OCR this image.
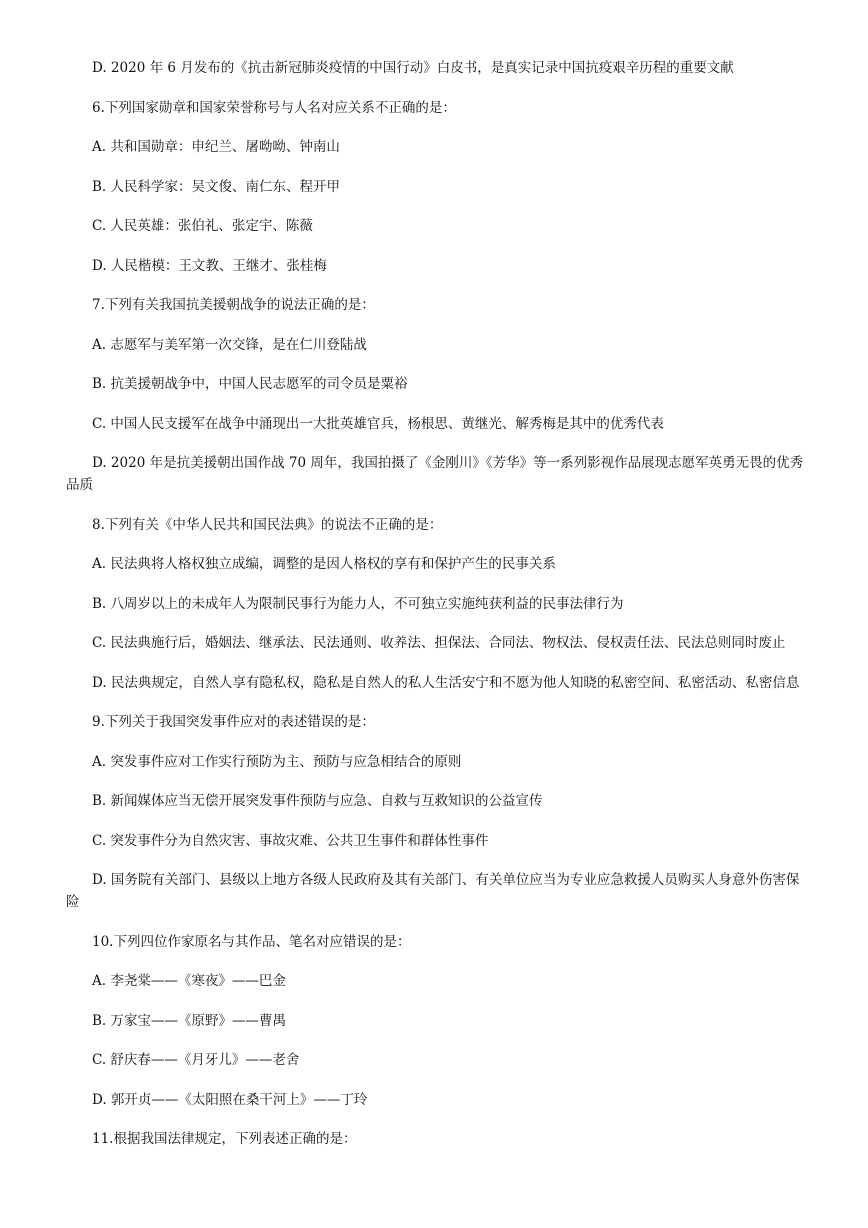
D. 2020 年 6 月发布的《抗击新冠肺炎疫情的中国行动》白皮书，是真实记录中国抗疫艰辛历程的重要文献

6.下列国家勋章和国家荣誉称号与人名对应关系不正确的是：

A. 共和国勋章：申纪兰、屠呦呦、钟南山

B. 人民科学家：吴文俊、南仁东、程开甲

C. 人民英雄：张伯礼、张定宇、陈薇

D. 人民楷模：王文教、王继才、张桂梅

7.下列有关我国抗美援朝战争的说法正确的是：

A. 志愿军与美军第一次交锋，是在仁川登陆战

B. 抗美援朝战争中，中国人民志愿军的司令员是粟裕

C. 中国人民支援军在战争中涌现出一大批英雄官兵，杨根思、黄继光、解秀梅是其中的优秀代表

D. 2020 年是抗美援朝出国作战 70 周年，我国拍摄了《金刚川》《芳华》等一系列影视作品展现志愿军英勇无畏的优秀品质

8.下列有关《中华人民共和国民法典》的说法不正确的是：

A. 民法典将人格权独立成编，调整的是因人格权的享有和保护产生的民事关系

B. 八周岁以上的未成年人为限制民事行为能力人，不可独立实施纯获利益的民事法律行为

C. 民法典施行后，婚姻法、继承法、民法通则、收养法、担保法、合同法、物权法、侵权责任法、民法总则同时废止

D. 民法典规定，自然人享有隐私权，隐私是自然人的私人生活安宁和不愿为他人知晓的私密空间、私密活动、私密信息

9.下列关于我国突发事件应对的表述错误的是：

A. 突发事件应对工作实行预防为主、预防与应急相结合的原则

B. 新闻媒体应当无偿开展突发事件预防与应急、自救与互救知识的公益宣传

C. 突发事件分为自然灾害、事故灾难、公共卫生事件和群体性事件

D. 国务院有关部门、县级以上地方各级人民政府及其有关部门、有关单位应当为专业应急救援人员购买人身意外伤害保险

10.下列四位作家原名与其作品、笔名对应错误的是：

A. 李尧棠——《寒夜》——巴金

B. 万家宝——《原野》——曹禺

C. 舒庆春——《月牙儿》——老舍

D. 郭开贞——《太阳照在桑干河上》——丁玲

11.根据我国法律规定，下列表述正确的是：
